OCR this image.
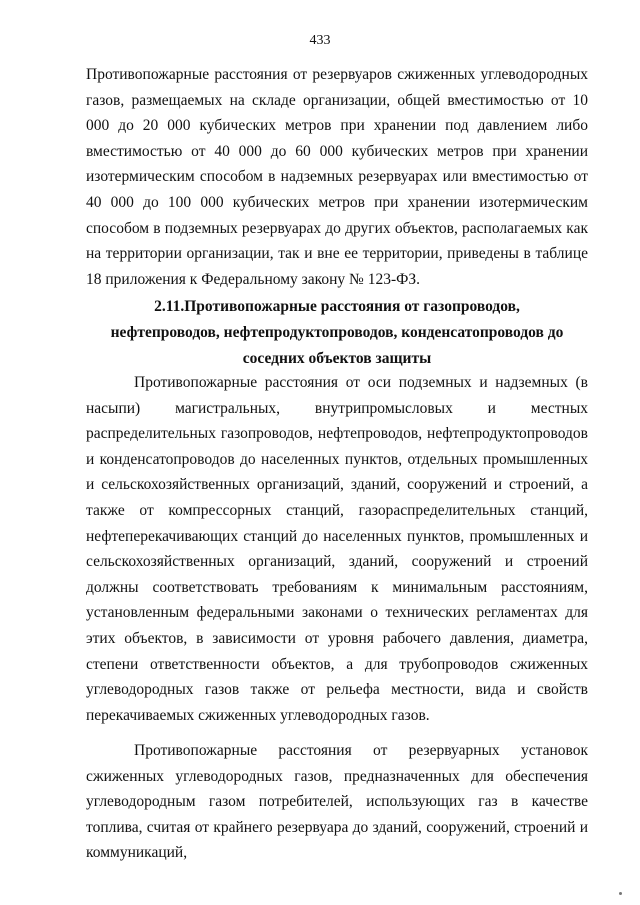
433

Противопожарные расстояния от резервуаров сжиженных углеводородных газов, размещаемых на складе организации, общей вместимостью от 10 000 до 20 000 кубических метров при хранении под давлением либо вместимостью от 40 000 до 60 000 кубических метров при хранении изотермическим способом в надземных резервуарах или вместимостью от 40 000 до 100 000 кубических метров при хранении изотермическим способом в подземных резервуарах до других объектов, располагаемых как на территории организации, так и вне ее территории, приведены в таблице 18 приложения к Федеральному закону № 123-ФЗ.

2.11.Противопожарные расстояния от газопроводов,
нефтепроводов, нефтепродуктопроводов, конденсатопроводов до
соседних объектов защиты

Противопожарные расстояния от оси подземных и надземных (в насыпи) магистральных, внутрипромысловых и местных распределительных газопроводов, нефтепроводов, нефтепродуктопроводов и конденсатопроводов до населенных пунктов, отдельных промышленных и сельскохозяйственных организаций, зданий, сооружений и строений, а также от компрессорных станций, газораспределительных станций, нефтеперекачивающих станций до населенных пунктов, промышленных и сельскохозяйственных организаций, зданий, сооружений и строений должны соответствовать требованиям к минимальным расстояниям, установленным федеральными законами о технических регламентах для этих объектов, в зависимости от уровня рабочего давления, диаметра, степени ответственности объектов, а для трубопроводов сжиженных углеводородных газов также от рельефа местности, вида и свойств перекачиваемых сжиженных углеводородных газов.

Противопожарные расстояния от резервуарных установок сжиженных углеводородных газов, предназначенных для обеспечения углеводородным газом потребителей, использующих газ в качестве топлива, считая от крайнего резервуара до зданий, сооружений, строений и коммуникаций,
